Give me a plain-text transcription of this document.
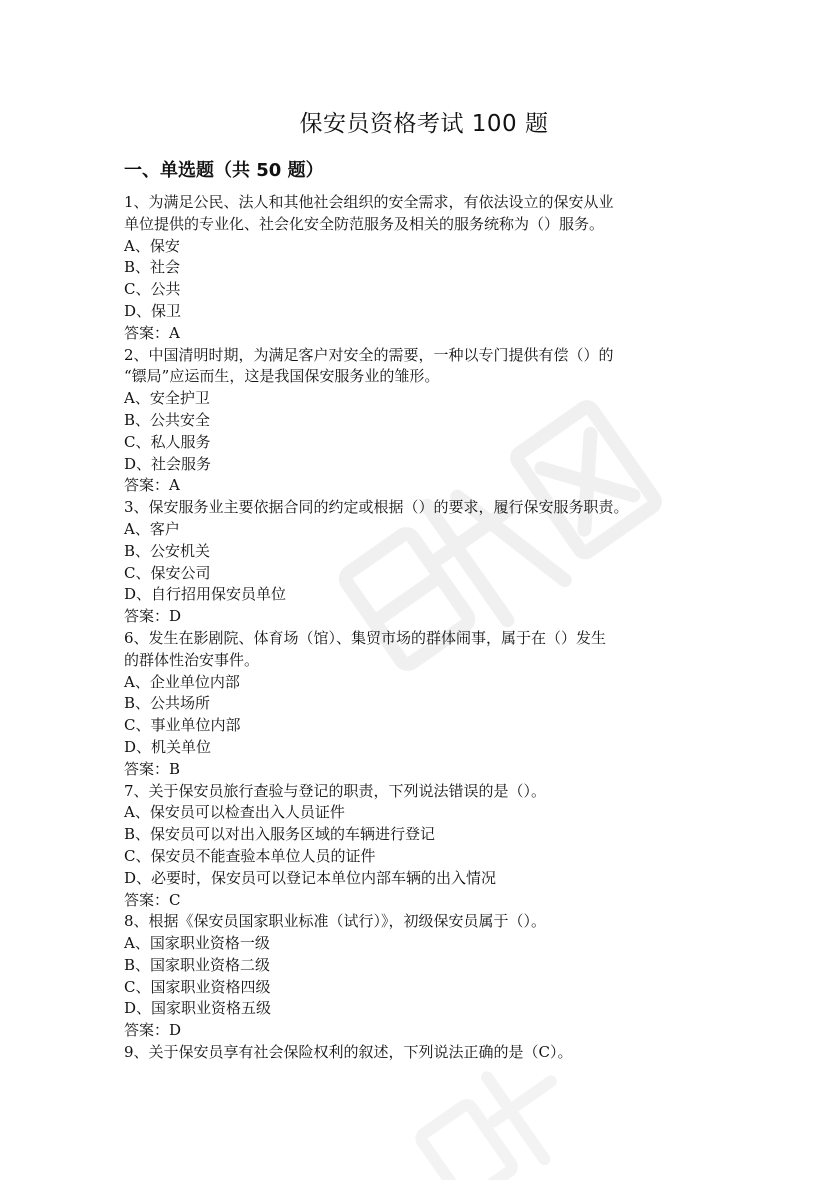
保安员资格考试 100 题
一、单选题（共 50 题）

1、为满足公民、法人和其他社会组织的安全需求，有依法设立的保安从业

单位提供的专业化、社会化安全防范服务及相关的服务统称为（）服务。

A、保安

B、社会

C、公共

D、保卫

答案：A

2、中国清明时期，为满足客户对安全的需要，一种以专门提供有偿（）的

“镖局”应运而生，这是我国保安服务业的雏形。

A、安全护卫

B、公共安全

C、私人服务

D、社会服务

答案：A

3、保安服务业主要依据合同的约定或根据（）的要求，履行保安服务职责。

A、客户

B、公安机关

C、保安公司

D、自行招用保安员单位

答案：D

6、发生在影剧院、体育场（馆）、集贸市场的群体闹事，属于在（）发生

的群体性治安事件。

A、企业单位内部

B、公共场所

C、事业单位内部

D、机关单位

答案：B

7、关于保安员旅行查验与登记的职责，下列说法错误的是（）。

A、保安员可以检查出入人员证件

B、保安员可以对出入服务区域的车辆进行登记

C、保安员不能查验本单位人员的证件

D、必要时，保安员可以登记本单位内部车辆的出入情况

答案：C

8、根据《保安员国家职业标准（试行）》，初级保安员属于（）。

A、国家职业资格一级

B、国家职业资格二级

C、国家职业资格四级

D、国家职业资格五级

答案：D

9、关于保安员享有社会保险权利的叙述，下列说法正确的是（C）。
